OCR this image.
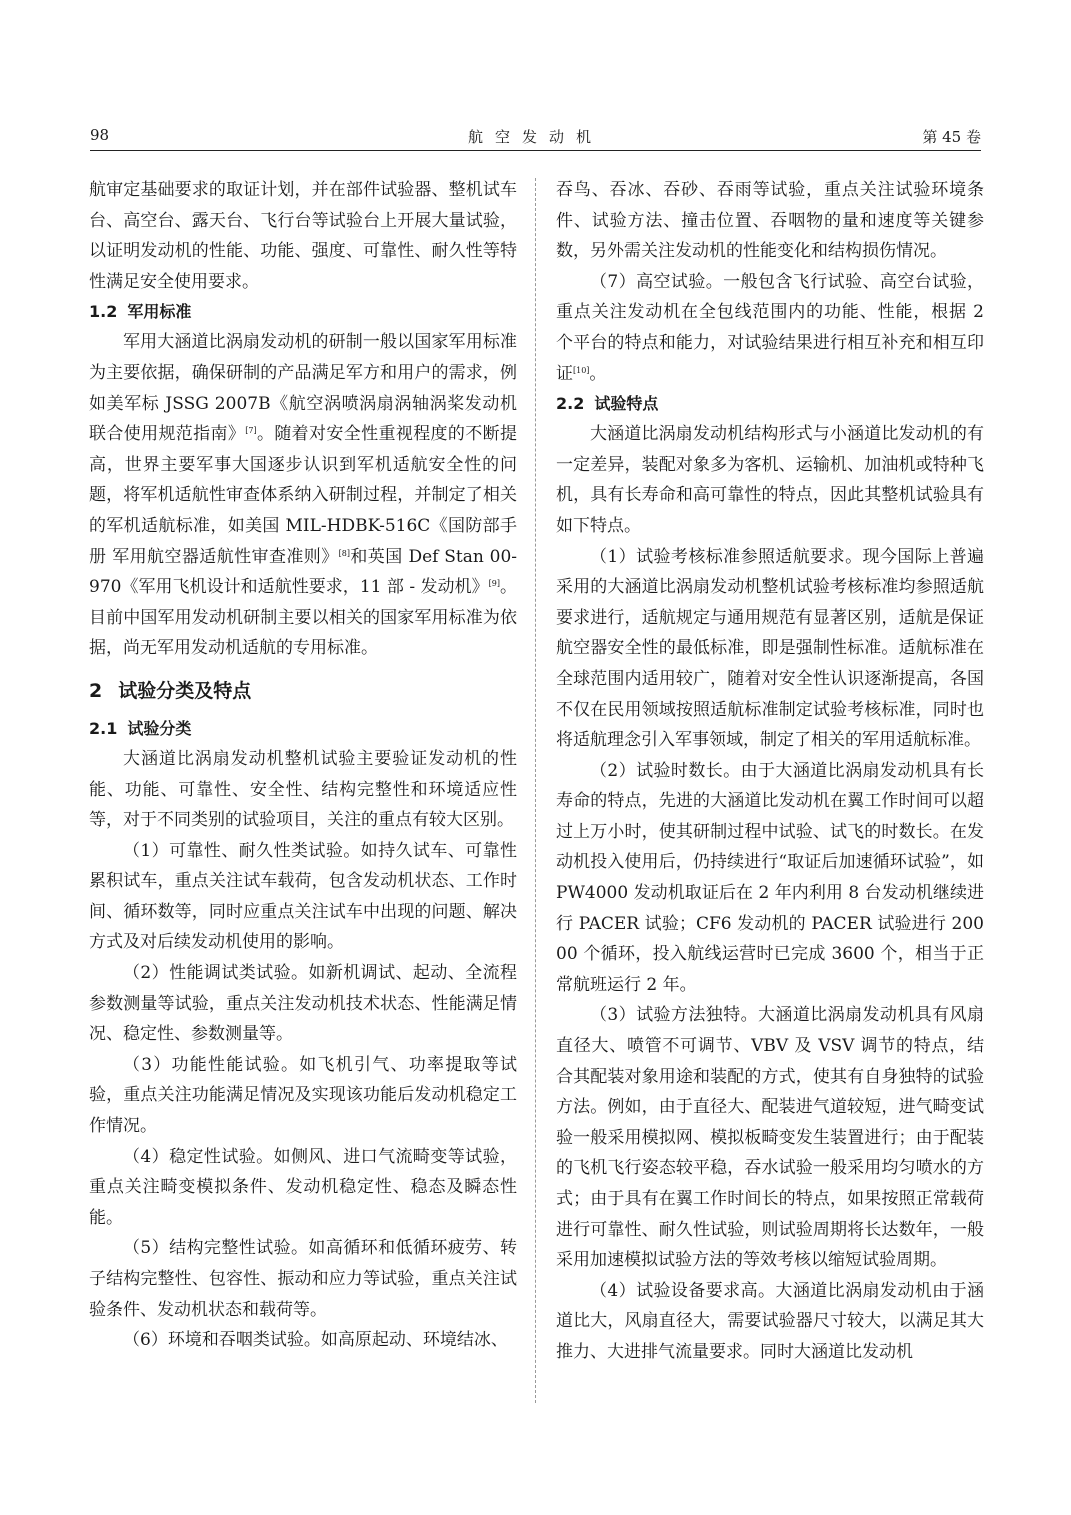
98	航空发动机	第 45 卷

航审定基础要求的取证计划，并在部件试验器、整机试车台、高空台、露天台、飞行台等试验台上开展大量试验，以证明发动机的性能、功能、强度、可靠性、耐久性等特性满足安全使用要求。

1.2 军用标准

军用大涵道比涡扇发动机的研制一般以国家军用标准为主要依据，确保研制的产品满足军方和用户的需求，例如美军标 JSSG 2007B《航空涡喷涡扇涡轴涡桨发动机联合使用规范指南》[7]。随着对安全性重视程度的不断提高，世界主要军事大国逐步认识到军机适航安全性的问题，将军机适航性审查体系纳入研制过程，并制定了相关的军机适航标准，如美国 MIL-HDBK-516C《国防部手册 军用航空器适航性审查准则》[8]和英国 Def Stan 00-970《军用飞机设计和适航性要求，11 部 - 发动机》[9]。目前中国军用发动机研制主要以相关的国家军用标准为依据，尚无军用发动机适航的专用标准。

2 试验分类及特点
2.1 试验分类

大涵道比涡扇发动机整机试验主要验证发动机的性能、功能、可靠性、安全性、结构完整性和环境适应性等，对于不同类别的试验项目，关注的重点有较大区别。

（1）可靠性、耐久性类试验。如持久试车、可靠性累积试车，重点关注试车载荷，包含发动机状态、工作时间、循环数等，同时应重点关注试车中出现的问题、解决方式及对后续发动机使用的影响。

（2）性能调试类试验。如新机调试、起动、全流程参数测量等试验，重点关注发动机技术状态、性能满足情况、稳定性、参数测量等。

（3）功能性能试验。如飞机引气、功率提取等试验，重点关注功能满足情况及实现该功能后发动机稳定工作情况。

（4）稳定性试验。如侧风、进口气流畸变等试验，重点关注畸变模拟条件、发动机稳定性、稳态及瞬态性能。

（5）结构完整性试验。如高循环和低循环疲劳、转子结构完整性、包容性、振动和应力等试验，重点关注试验条件、发动机状态和载荷等。

（6）环境和吞咽类试验。如高原起动、环境结冰、

吞鸟、吞冰、吞砂、吞雨等试验，重点关注试验环境条件、试验方法、撞击位置、吞咽物的量和速度等关键参数，另外需关注发动机的性能变化和结构损伤情况。

（7）高空试验。一般包含飞行试验、高空台试验，重点关注发动机在全包线范围内的功能、性能，根据 2 个平台的特点和能力，对试验结果进行相互补充和相互印证[10]。

2.2 试验特点

大涵道比涡扇发动机结构形式与小涵道比发动机的有一定差异，装配对象多为客机、运输机、加油机或特种飞机，具有长寿命和高可靠性的特点，因此其整机试验具有如下特点。

（1）试验考核标准参照适航要求。现今国际上普遍采用的大涵道比涡扇发动机整机试验考核标准均参照适航要求进行，适航规定与通用规范有显著区别，适航是保证航空器安全性的最低标准，即是强制性标准。适航标准在全球范围内适用较广，随着对安全性认识逐渐提高，各国不仅在民用领域按照适航标准制定试验考核标准，同时也将适航理念引入军事领域，制定了相关的军用适航标准。

（2）试验时数长。由于大涵道比涡扇发动机具有长寿命的特点，先进的大涵道比发动机在翼工作时间可以超过上万小时，使其研制过程中试验、试飞的时数长。在发动机投入使用后，仍持续进行“取证后加速循环试验”，如 PW4000 发动机取证后在 2 年内利用 8 台发动机继续进行 PACER 试验；CF6 发动机的 PACER 试验进行 20000 个循环，投入航线运营时已完成 3600 个，相当于正常航班运行 2 年。

（3）试验方法独特。大涵道比涡扇发动机具有风扇直径大、喷管不可调节、VBV 及 VSV 调节的特点，结合其配装对象用途和装配的方式，使其有自身独特的试验方法。例如，由于直径大、配装进气道较短，进气畸变试验一般采用模拟网、模拟板畸变发生装置进行；由于配装的飞机飞行姿态较平稳，吞水试验一般采用均匀喷水的方式；由于具有在翼工作时间长的特点，如果按照正常载荷进行可靠性、耐久性试验，则试验周期将长达数年，一般采用加速模拟试验方法的等效考核以缩短试验周期。

（4）试验设备要求高。大涵道比涡扇发动机由于涵道比大，风扇直径大，需要试验器尺寸较大，以满足其大推力、大进排气流量要求。同时大涵道比发动机
